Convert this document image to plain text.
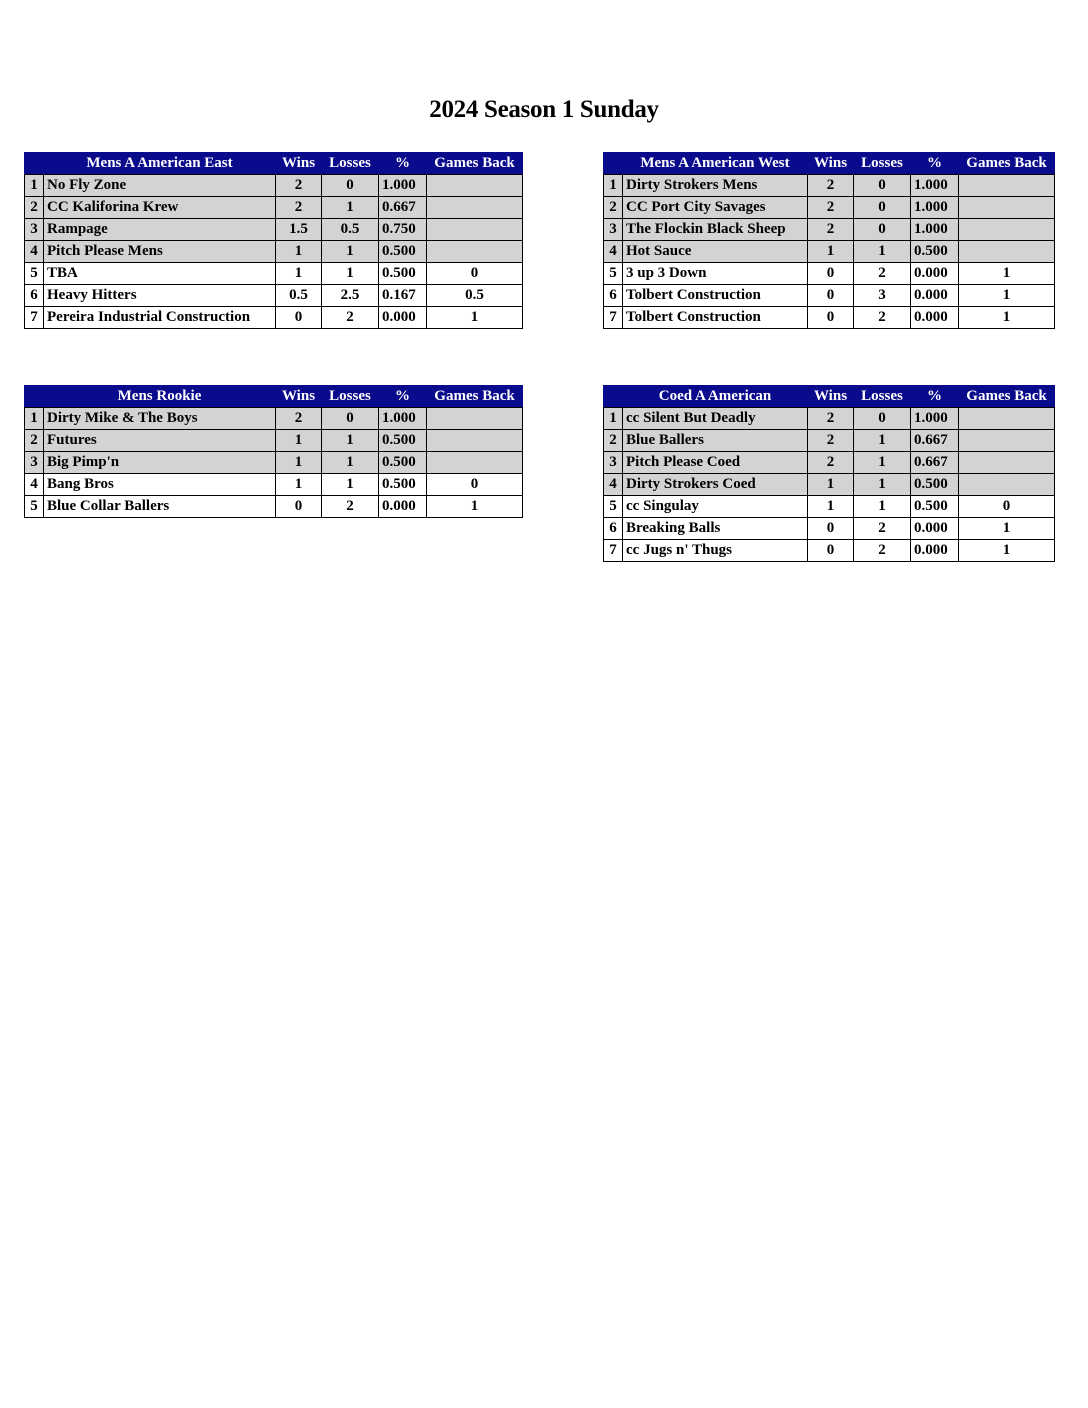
2024 Season 1 Sunday
	Mens A American East	Wins	Losses	%	Games Back
1	No Fly Zone	2	0	1.000	
2	CC Kaliforina Krew	2	1	0.667	
3	Rampage	1.5	0.5	0.750	
4	Pitch Please Mens	1	1	0.500	
5	TBA	1	1	0.500	0
6	Heavy Hitters	0.5	2.5	0.167	0.5
7	Pereira Industrial Construction	0	2	0.000	1
	Mens A American West	Wins	Losses	%	Games Back
1	Dirty Strokers Mens	2	0	1.000	
2	CC Port City Savages	2	0	1.000	
3	The Flockin Black Sheep	2	0	1.000	
4	Hot Sauce	1	1	0.500	
5	3 up 3 Down	0	2	0.000	1
6	Tolbert Construction	0	3	0.000	1
7	Tolbert Construction	0	2	0.000	1
	Mens Rookie	Wins	Losses	%	Games Back
1	Dirty Mike & The Boys	2	0	1.000	
2	Futures	1	1	0.500	
3	Big Pimp'n	1	1	0.500	
4	Bang Bros	1	1	0.500	0
5	Blue Collar Ballers	0	2	0.000	1
	Coed A American	Wins	Losses	%	Games Back
1	cc Silent But Deadly	2	0	1.000	
2	Blue Ballers	2	1	0.667	
3	Pitch Please Coed	2	1	0.667	
4	Dirty Strokers Coed	1	1	0.500	
5	cc Singulay	1	1	0.500	0
6	Breaking Balls	0	2	0.000	1
7	cc Jugs n' Thugs	0	2	0.000	1
